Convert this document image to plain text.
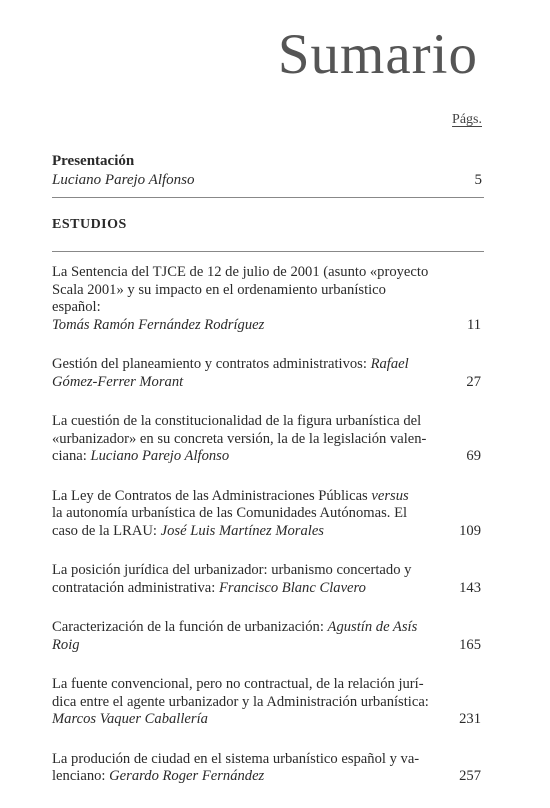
Sumario
Págs.
Presentación
Luciano Parejo Alfonso	5
ESTUDIOS
La Sentencia del TJCE de 12 de julio de 2001 (asunto «proyecto
Scala 2001» y su impacto en el ordenamiento urbanístico español:
Tomás Ramón Fernández Rodríguez	11
Gestión del planeamiento y contratos administrativos: Rafael
Gómez-Ferrer Morant	27
La cuestión de la constitucionalidad de la figura urbanística del
«urbanizador» en su concreta versión, la de la legislación valen-
ciana: Luciano Parejo Alfonso	69
La Ley de Contratos de las Administraciones Públicas versus
la autonomía urbanística de las Comunidades Autónomas. El
caso de la LRAU: José Luis Martínez Morales	109
La posición jurídica del urbanizador: urbanismo concertado y
contratación administrativa: Francisco Blanc Clavero	143
Caracterización de la función de urbanización: Agustín de Asís
Roig	165
La fuente convencional, pero no contractual, de la relación jurí-
dica entre el agente urbanizador y la Administración urbanística:
Marcos Vaquer Caballería	231
La produción de ciudad en el sistema urbanístico español y va-
lenciano: Gerardo Roger Fernández	257
